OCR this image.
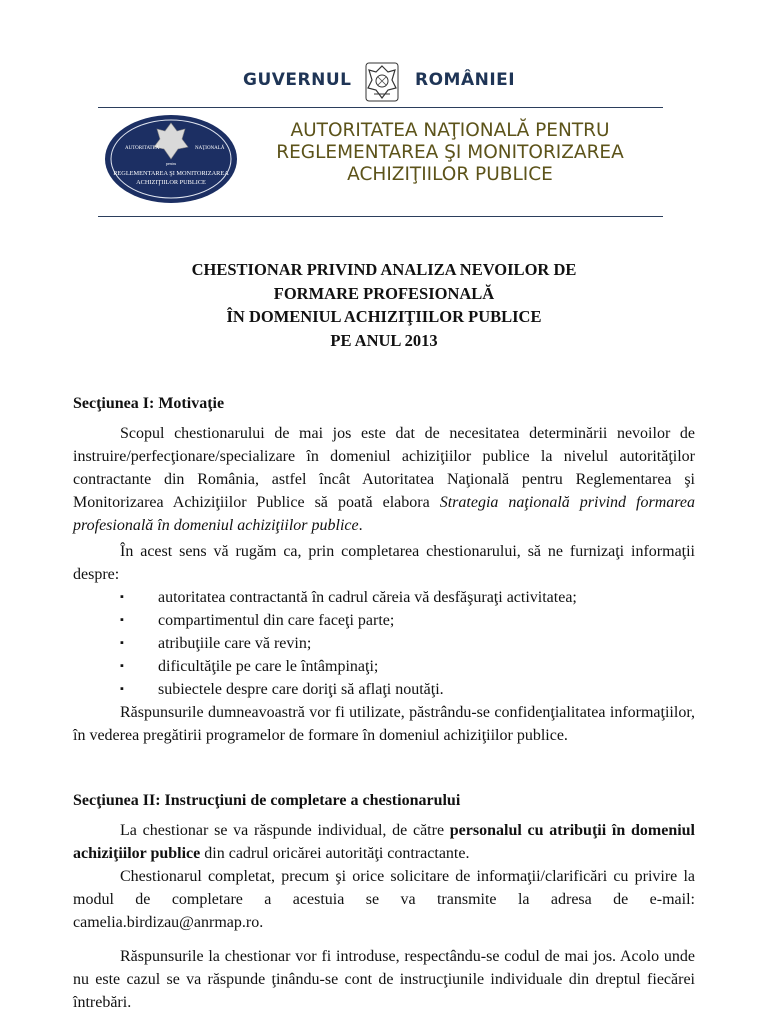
GUVERNUL	ROMÂNIEI
AUTORITATEA	NAŢIONALĂ
pentru
REGLEMENTAREA ŞI MONITORIZAREA
ACHIZIŢIILOR PUBLICE
AUTORITATEA NAŢIONALĂ PENTRU
REGLEMENTAREA ŞI MONITORIZAREA
ACHIZIŢIILOR PUBLICE
CHESTIONAR PRIVIND ANALIZA NEVOILOR DE
FORMARE PROFESIONALĂ
ÎN DOMENIUL ACHIZIŢIILOR PUBLICE
PE ANUL 2013
Secţiunea I: Motivaţie
Scopul chestionarului de mai jos este dat de necesitatea determinării nevoilor de instruire/perfecţionare/specializare în domeniul achiziţiilor publice la nivelul autorităţilor contractante din România, astfel încât Autoritatea Naţională pentru Reglementarea şi Monitorizarea Achiziţiilor Publice să poată elabora Strategia naţională privind formarea profesională în domeniul achiziţiilor publice.
În acest sens vă rugăm ca, prin completarea chestionarului, să ne furnizaţi informaţii despre:
▪	autoritatea contractantă în cadrul căreia vă desfăşuraţi activitatea;
▪	compartimentul din care faceţi parte;
▪	atribuţiile care vă revin;
▪	dificultăţile pe care le întâmpinaţi;
▪	subiectele despre care doriţi să aflaţi noutăţi.
Răspunsurile dumneavoastră vor fi utilizate, păstrându-se confidenţialitatea informaţiilor, în vederea pregătirii programelor de formare în domeniul achiziţiilor publice.
Secţiunea II: Instrucţiuni de completare a chestionarului
La chestionar se va răspunde individual, de către personalul cu atribuţii în domeniul achiziţiilor publice din cadrul oricărei autorităţi contractante.
Chestionarul completat, precum şi orice solicitare de informaţii/clarificări cu privire la modul de completare a acestuia se va transmite la adresa de e-mail: camelia.birdizau@anrmap.ro.
Răspunsurile la chestionar vor fi introduse, respectându-se codul de mai jos. Acolo unde nu este cazul se va răspunde ţinându-se cont de instrucţiunile individuale din dreptul fiecărei întrebări.
